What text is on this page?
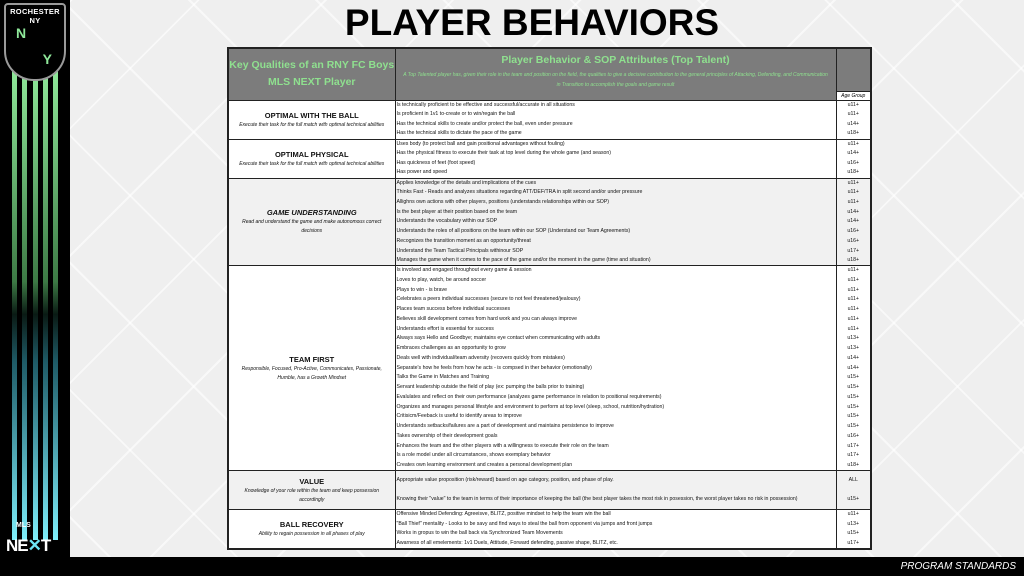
ROCHESTER NY
N
Y
MLS
NE✕T
PLAYER BEHAVIORS
Key Qualities of an RNY FC Boys MLS NEXT Player	Player Behavior & SOP Attributes (Top Talent)
A Top Talented player has, given their role in the team and position on the field, the qualities to give a decisive contribution to the general principles of Attacking, Defending, and Communication in Transition to accomplish the goals and game result	Age Group

OPTIMAL WITH THE BALL
Execute their task for the full match with optimal technical abilities	Is technically proficient to be effective and successful/accurate in all situations	u11+
	Is proficient in 1v1 to-create or to win/regain the ball	u11+
	Has the technical skills to create and/or protect the ball, even under pressure	u14+
	Has the technical skills to dictate the pace of the game	u18+

OPTIMAL PHYSICAL
Execute their task for the full match with optimal technical abilities	Uses body (to protect ball and gain positional advantages without fouling)	u11+
	Has the physical fitness to execute their task at top level during the whole game (and season)	u14+
	Has quickness of feet (foot speed)	u16+
	Has power and speed	u18+

GAME UNDERSTANDING
Read and understand the game and make autonomous correct decisions	Applies knowledge of the details and implications of the cues	u11+
	Thinks Fast - Reads and analyzes situations regarding ATT/DEF/TRA in split second and/or under pressure	u11+
	Allighns own actions with other players, positions (understands relationships within our SOP)	u11+
	Is the best player at their position based on the team	u14+
	Understands the vocabulary within our SOP	u14+
	Understands the roles of all positions on the team within our SOP (Understand our Team Agreements)	u16+
	Recognizes the transition moment as an opportunity/threat	u16+
	Understand the Team Tactical Principals withinour SOP	u17+
	Manages the game when it comes to the pace of the game and/or the moment in the game (time and situation)	u18+

TEAM FIRST
Responsible, Focused, Pro-Active, Communicates, Passionate, Humble, has a Growth Mindset	Is involved and engaged throughout every game & session	u11+
	Loves to play, watch, be around soccer	u11+
	Plays to win - is brave	u11+
	Celebrates a peers individual successes (secure to not feel threatened/jealousy)	u11+
	Places team success before individual successes	u11+
	Believes skill development comes from hard work and you can always improve	u11+
	Understands effort is essential for success	u11+
	Always says Hello and Goodbye; maintains eye contact when communicating with adults	u13+
	Embraces challenges as an opportunity to grow	u13+
	Deals well with individual/team adversity (recovers quickly from mistakes)	u14+
	Separate's how he feels from how he acts - is compsed in ther behavior (emotionally)	u14+
	Talks the Game in Matches and Training	u15+
	Servant leadership outside the field of play (ex: pumping the balls prior to training)	u15+
	Evalulates and reflect on their own performance (analyzes game performance in relation to positional requirements)	u15+
	Organizes and manages personal lifestyle and environment to perform at top level (sleep, school, nutrition/hydration)	u15+
	Critisicm/Feeback is useful to identify areas to improve	u15+
	Understands setbacks/failures are a part of development and maintains persistence to improve	u15+
	Takes ownership of their development goals	u16+
	Enhances the team and the other players with a willingness to execute their role on the team	u17+
	Is a role model under all circumstances, shows exemplary behavior	u17+
	Creates own learning environment and creates a personal development plan	u18+

VALUE
Knowledge of your role within the team and keep possession accordingly	Appropriate value proposition (risk/reward) based on age category, position, and phase of play.	ALL
	Knowing their "value" to the team in terms of their importance of keeping the ball (the best player takes the most risk in posession, the worst player takes no risk in possession)	u15+

BALL RECOVERY
Ability to regain possession in all phases of play	Offensive Minded Defending: Agreeisve, BLITZ, positive mindset to help the team win the ball	u11+
	"Ball Thief" mentality - Looks to be savy and find ways to steal the ball from opponent via jumps and front jumps	u13+
	Works in gropus to win the ball back via Synchronized Team Movements	u15+
	Awarness of all emelements: 1v1 Duels, Attitude, Forward defending, passive shape, BLITZ, etc.	u17+
PROGRAM STANDARDS
